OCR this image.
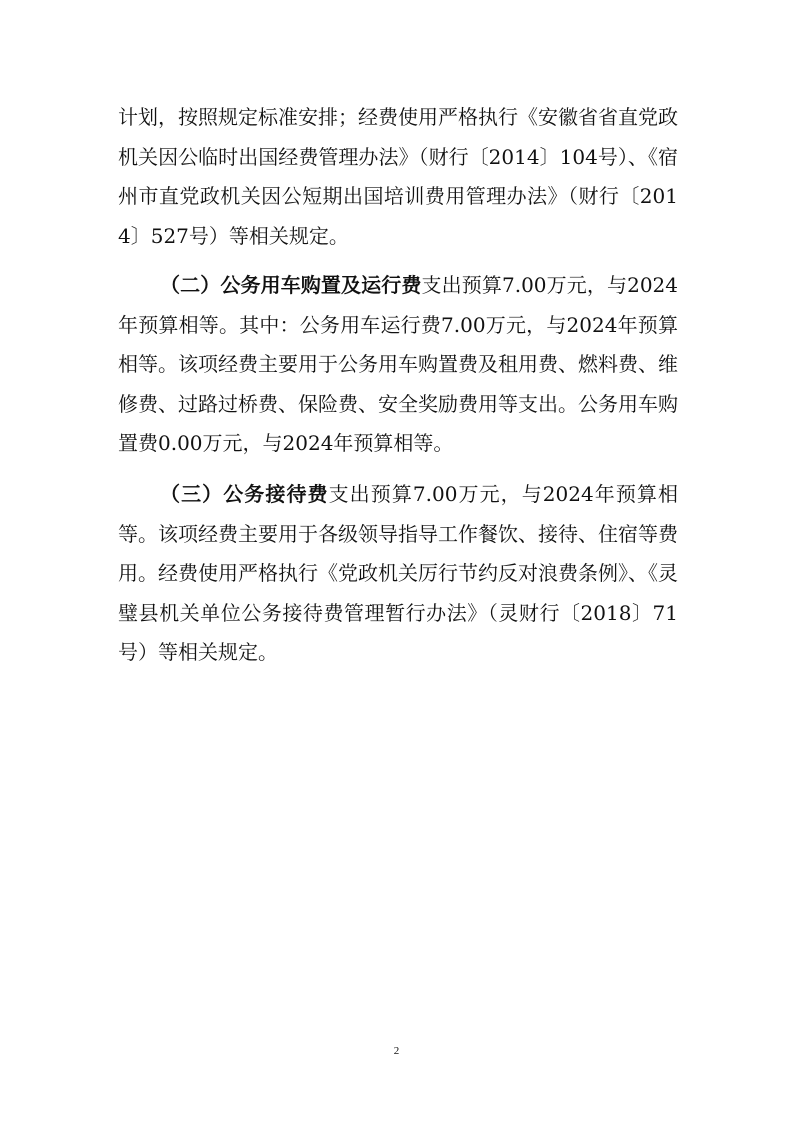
计划，按照规定标准安排；经费使用严格执行《安徽省省直党政机关因公临时出国经费管理办法》（财行〔2014〕104号）、《宿州市直党政机关因公短期出国培训费用管理办法》（财行〔2014〕527号）等相关规定。

（二）公务用车购置及运行费支出预算7.00万元，与2024年预算相等。其中：公务用车运行费7.00万元，与2024年预算相等。该项经费主要用于公务用车购置费及租用费、燃料费、维修费、过路过桥费、保险费、安全奖励费用等支出。公务用车购置费0.00万元，与2024年预算相等。

（三）公务接待费支出预算7.00万元，与2024年预算相等。该项经费主要用于各级领导指导工作餐饮、接待、住宿等费用。经费使用严格执行《党政机关厉行节约反对浪费条例》、《灵璧县机关单位公务接待费管理暂行办法》（灵财行〔2018〕71号）等相关规定。

2
